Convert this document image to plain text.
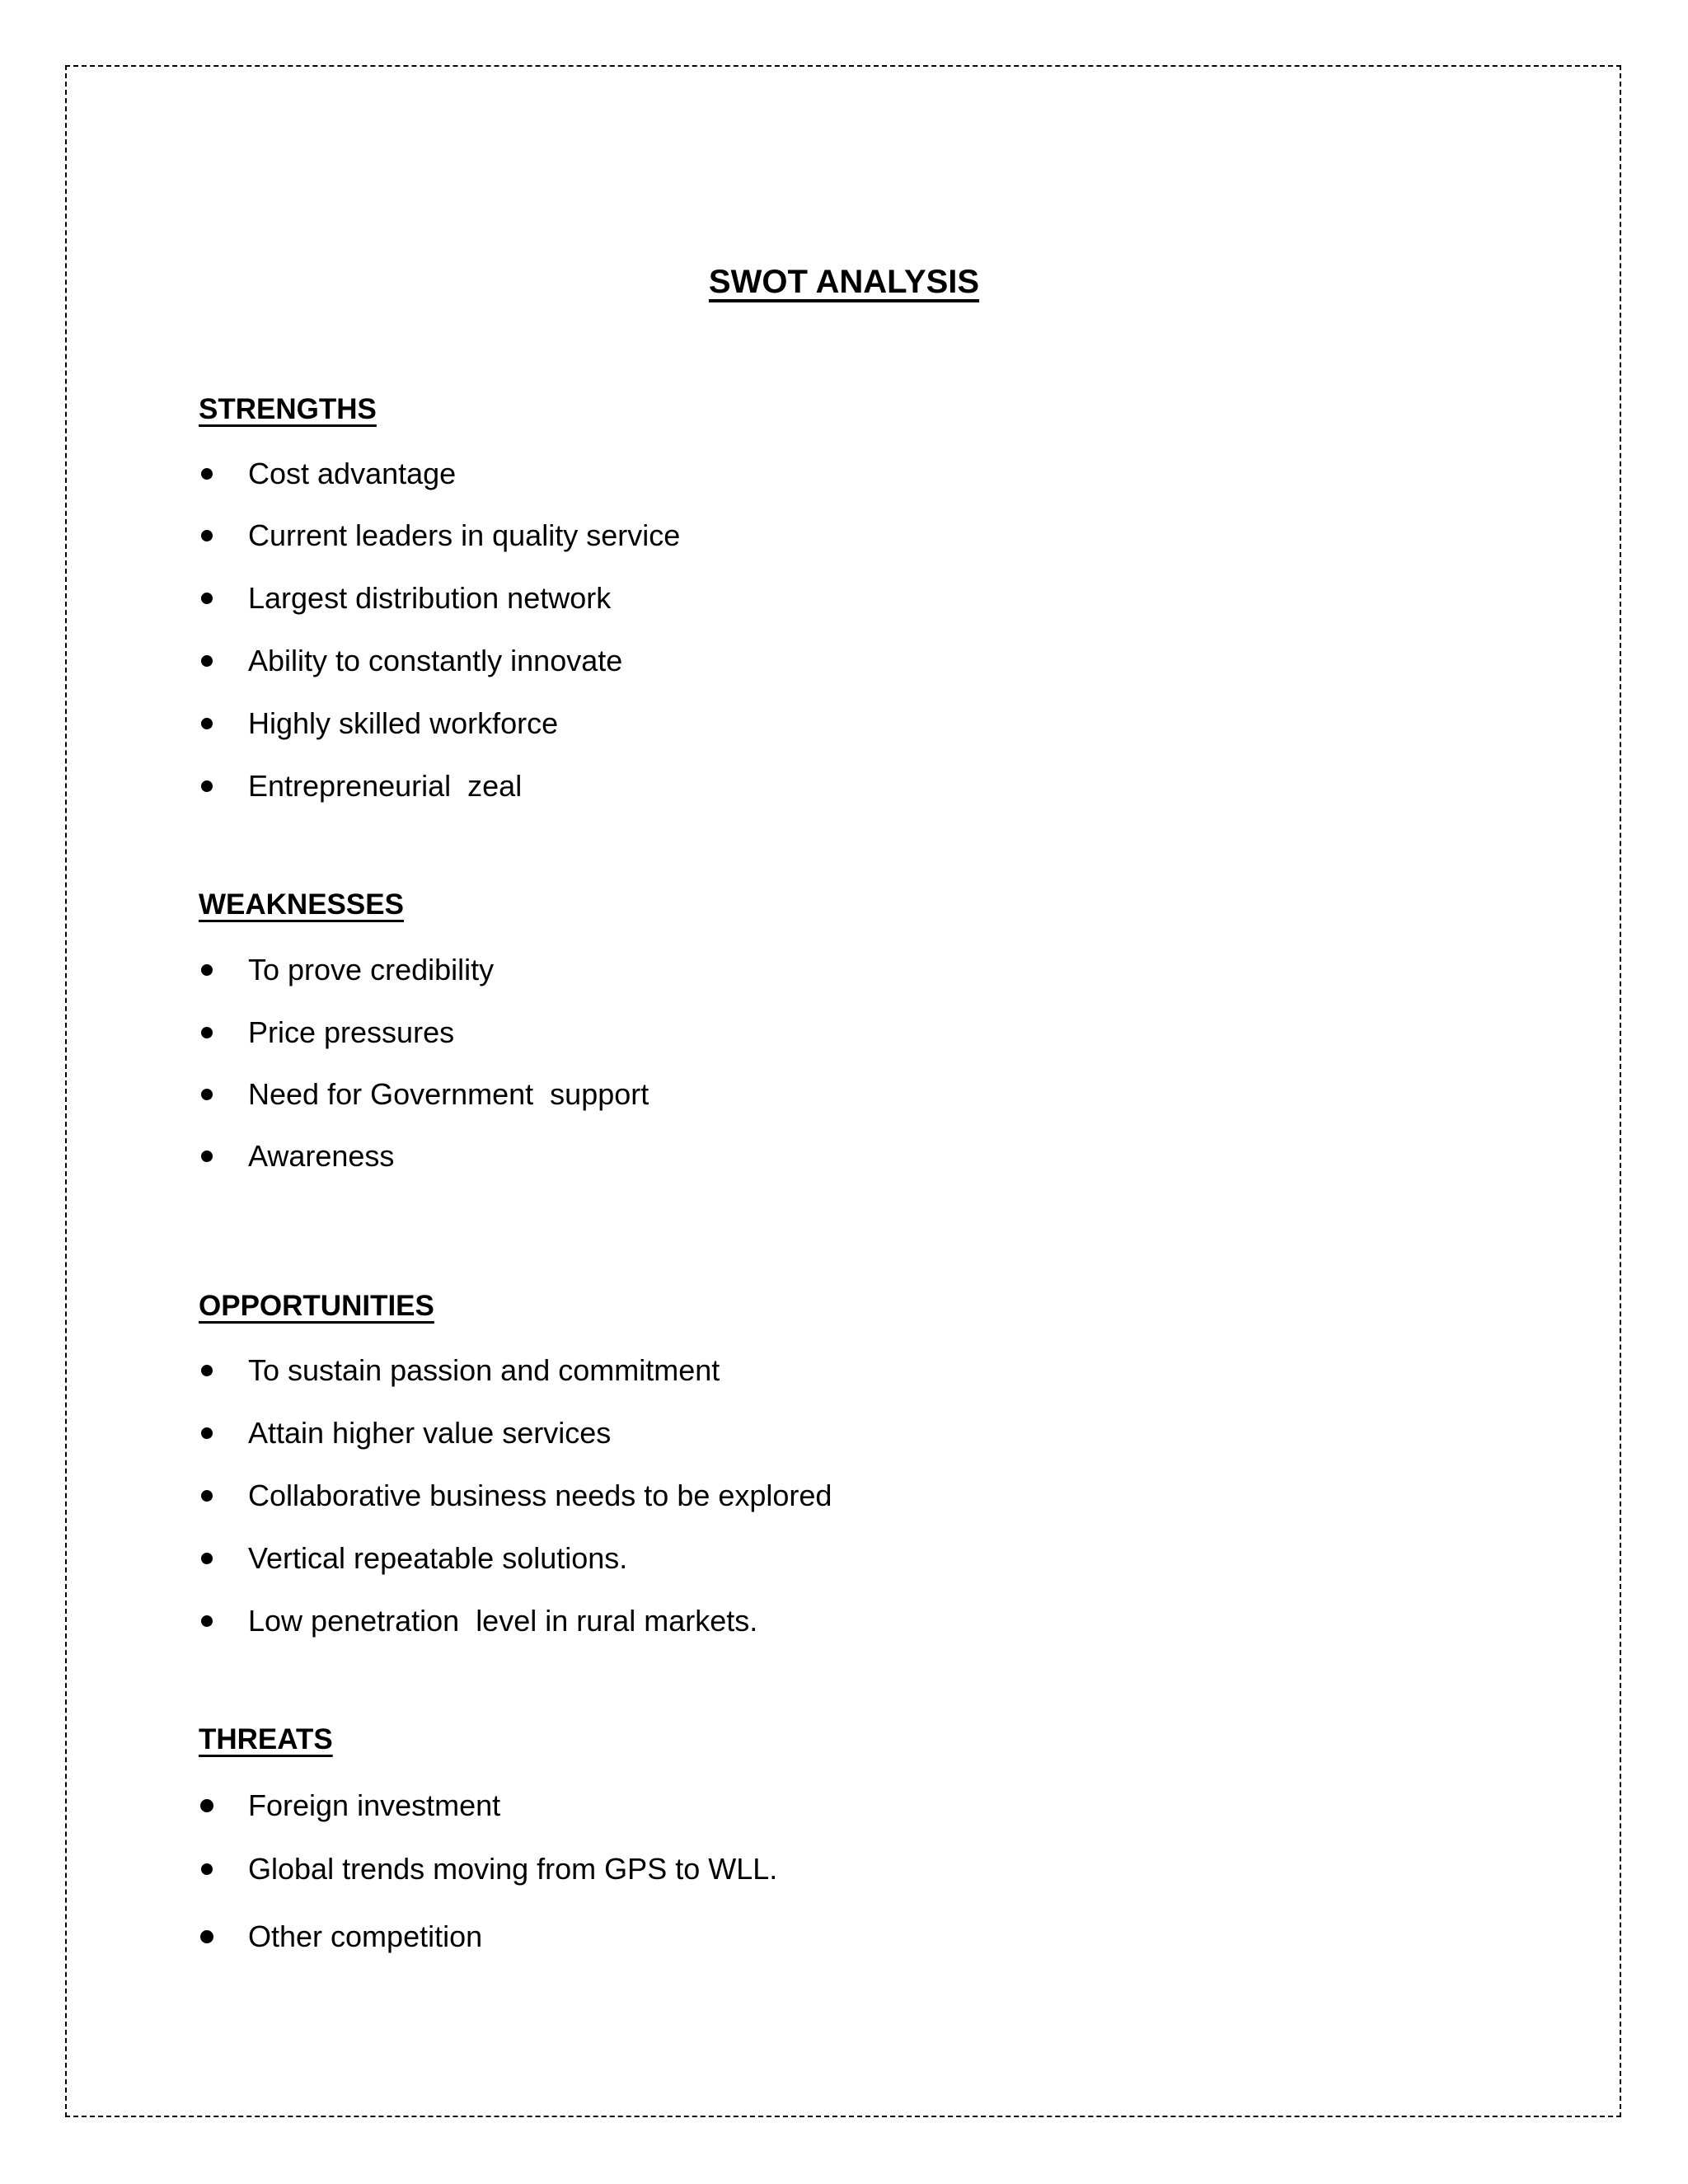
SWOT ANALYSIS
STRENGTHS
Cost advantage
Current leaders in quality service
Largest distribution network
Ability to constantly innovate
Highly skilled workforce
Entrepreneurial  zeal
WEAKNESSES
To prove credibility
Price pressures
Need for Government  support
Awareness
OPPORTUNITIES
To sustain passion and commitment
Attain higher value services
Collaborative business needs to be explored
Vertical repeatable solutions.
Low penetration  level in rural markets.
THREATS
Foreign investment
Global trends moving from GPS to WLL.
Other competition
